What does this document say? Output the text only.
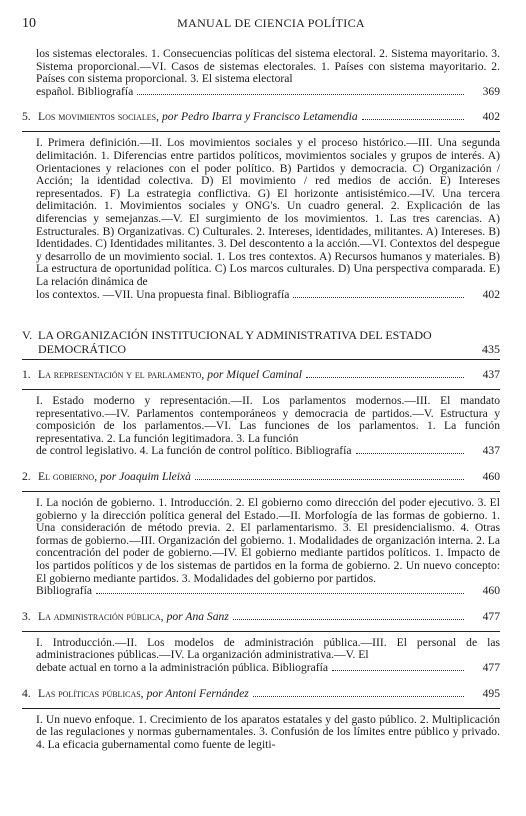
10	MANUAL DE CIENCIA POLÍTICA
los sistemas electorales. 1. Consecuencias políticas del sistema electoral. 2. Sistema mayoritario. 3. Sistema proporcional.—VI. Casos de sistemas electorales. 1. Países con sistema mayoritario. 2. Países con sistema proporcional. 3. El sistema electoral
español. Bibliografía	369
5. Los movimientos sociales, por Pedro Ibarra y Francisco Letamendia	402
I. Primera definición.—II. Los movimientos sociales y el proceso histórico.—III. Una segunda delimitación. 1. Diferencias entre partidos políticos, movimientos sociales y grupos de interés. A) Orientaciones y relaciones con el poder político. B) Partidos y democracia. C) Organización / Acción; la identidad colectiva. D) El movimiento / red medios de acción. E) Intereses representados. F) La estrategia conflictiva. G) El horizonte antisistémico.—IV. Una tercera delimitación. 1. Movimientos sociales y ONG's. Un cuadro general. 2. Explicación de las diferencias y semejanzas.—V. El surgimiento de los movimientos. 1. Las tres carencias. A) Estructurales. B) Organizativas. C) Culturales. 2. Intereses, identidades, militantes. A) Intereses. B) Identidades. C) Identidades militantes. 3. Del descontento a la acción.—VI. Contextos del despegue y desarrollo de un movimiento social. 1. Los tres contextos. A) Recursos humanos y materiales. B) La estructura de oportunidad política. C) Los marcos culturales. D) Una perspectiva comparada. E) La relación dinámica de
los contextos. —VII. Una propuesta final. Bibliografía	402
V. LA ORGANIZACIÓN INSTITUCIONAL Y ADMINISTRATIVA DEL ESTADO
DEMOCRÁTICO	435
1. La representación y el parlamento, por Miquel Caminal	437
I. Estado moderno y representación.—II. Los parlamentos modernos.—III. El mandato representativo.—IV. Parlamentos contemporáneos y democracia de partidos.—V. Estructura y composición de los parlamentos.—VI. Las funciones de los parlamentos. 1. La función representativa. 2. La función legitimadora. 3. La función
de control legislativo. 4. La función de control político. Bibliografía	437
2. El gobierno, por Joaquim Lleixà	460
I. La noción de gobierno. 1. Introducción. 2. El gobierno como dirección del poder ejecutivo. 3. El gobierno y la dirección política general del Estado.—II. Morfología de las formas de gobierno. 1. Una consideración de método previa. 2. El parlamentarismo. 3. El presidencialismo. 4. Otras formas de gobierno.—III. Organización del gobierno. 1. Modalidades de organización interna. 2. La concentración del poder de gobierno.—IV. El gobierno mediante partidos políticos. 1. Impacto de los partidos políticos y de los sistemas de partidos en la forma de gobierno. 2. Un nuevo concepto: El gobierno mediante partidos. 3. Modalidades del gobierno por partidos.
Bibliografía	460
3. La administración pública, por Ana Sanz	477
I. Introducción.—II. Los modelos de administración pública.—III. El personal de las administraciones públicas.—IV. La organización administrativa.—V. El
debate actual en torno a la administración pública. Bibliografía	477
4. Las políticas públicas, por Antoni Fernández	495
I. Un nuevo enfoque. 1. Crecimiento de los aparatos estatales y del gasto público. 2. Multiplicación de las regulaciones y normas gubernamentales. 3. Confusión de los límites entre público y privado. 4. La eficacia gubernamental como fuente de legiti-
